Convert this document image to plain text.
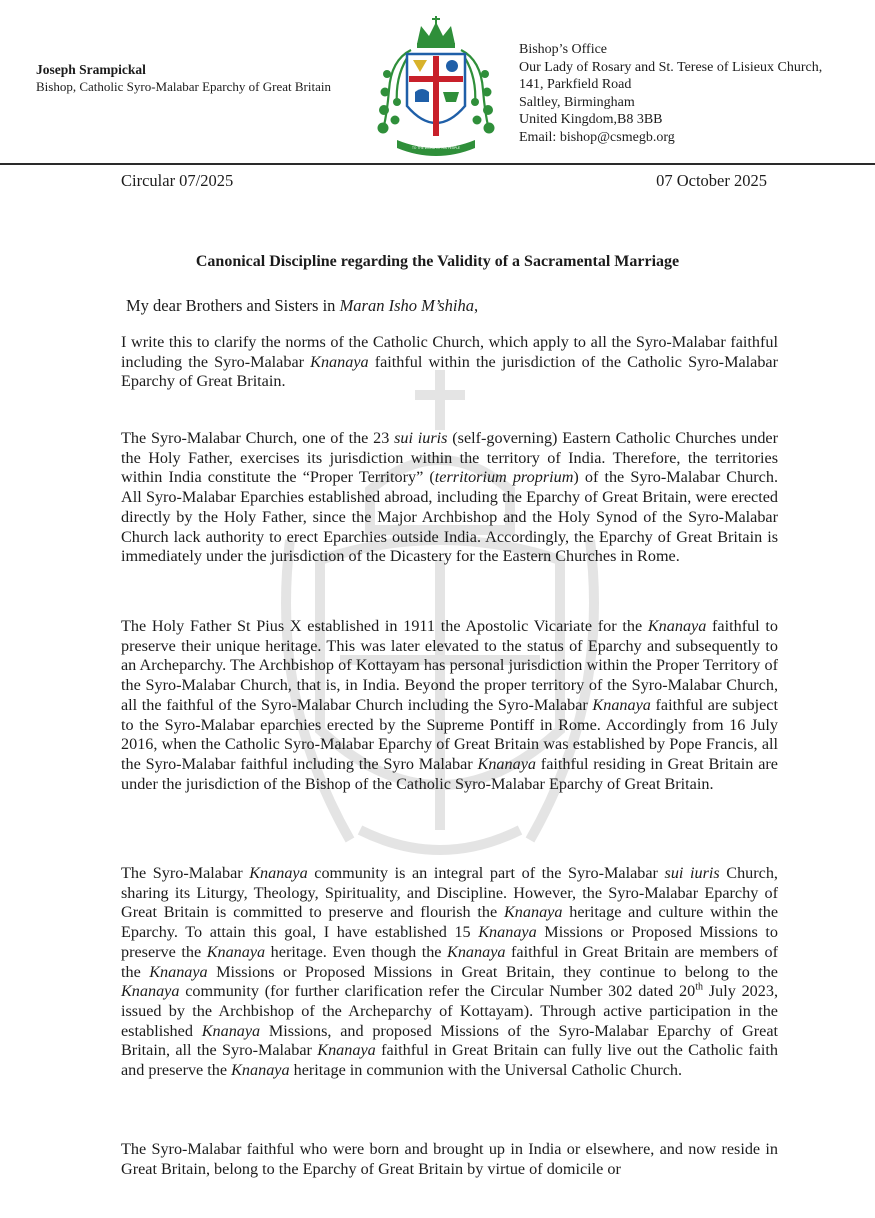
Joseph Srampickal
Bishop, Catholic Syro-Malabar Eparchy of Great Britain
TO THE WORD OF HIS PEOPLE
Bishop’s Office
Our Lady of Rosary and St. Terese of Lisieux Church,
141, Parkfield Road
Saltley, Birmingham
United Kingdom,B8 3BB
Email: bishop@csmegb.org
Circular 07/2025	07 October 2025
Canonical Discipline regarding the Validity of a Sacramental Marriage
My dear Brothers and Sisters in Maran Isho M’shiha,
I write this to clarify the norms of the Catholic Church, which apply to all the Syro-Malabar faithful including the Syro-Malabar Knanaya faithful within the jurisdiction of the Catholic Syro-Malabar Eparchy of Great Britain.
The Syro-Malabar Church, one of the 23 sui iuris (self-governing) Eastern Catholic Churches under the Holy Father, exercises its jurisdiction within the territory of India. Therefore, the territories within India constitute the “Proper Territory” (territorium proprium) of the Syro-Malabar Church. All Syro-Malabar Eparchies established abroad, including the Eparchy of Great Britain, were erected directly by the Holy Father, since the Major Archbishop and the Holy Synod of the Syro-Malabar Church lack authority to erect Eparchies outside India. Accordingly, the Eparchy of Great Britain is immediately under the jurisdiction of the Dicastery for the Eastern Churches in Rome.
The Holy Father St Pius X established in 1911 the Apostolic Vicariate for the Knanaya faithful to preserve their unique heritage. This was later elevated to the status of Eparchy and subsequently to an Archeparchy. The Archbishop of Kottayam has personal jurisdiction within the Proper Territory of the Syro-Malabar Church, that is, in India. Beyond the proper territory of the Syro-Malabar Church, all the faithful of the Syro-Malabar Church including the Syro-Malabar Knanaya faithful are subject to the Syro-Malabar eparchies erected by the Supreme Pontiff in Rome. Accordingly from 16 July 2016, when the Catholic Syro-Malabar Eparchy of Great Britain was established by Pope Francis, all the Syro-Malabar faithful including the Syro Malabar Knanaya faithful residing in Great Britain are under the jurisdiction of the Bishop of the Catholic Syro-Malabar Eparchy of Great Britain.
The Syro-Malabar Knanaya community is an integral part of the Syro-Malabar sui iuris Church, sharing its Liturgy, Theology, Spirituality, and Discipline. However, the Syro-Malabar Eparchy of Great Britain is committed to preserve and flourish the Knanaya heritage and culture within the Eparchy. To attain this goal, I have established 15 Knanaya Missions or Proposed Missions to preserve the Knanaya heritage. Even though the Knanaya faithful in Great Britain are members of the Knanaya Missions or Proposed Missions in Great Britain, they continue to belong to the Knanaya community (for further clarification refer the Circular Number 302 dated 20th July 2023, issued by the Archbishop of the Archeparchy of Kottayam). Through active participation in the established Knanaya Missions, and proposed Missions of the Syro-Malabar Eparchy of Great Britain, all the Syro-Malabar Knanaya faithful in Great Britain can fully live out the Catholic faith and preserve the Knanaya heritage in communion with the Universal Catholic Church.
The Syro-Malabar faithful who were born and brought up in India or elsewhere, and now reside in Great Britain, belong to the Eparchy of Great Britain by virtue of domicile or
